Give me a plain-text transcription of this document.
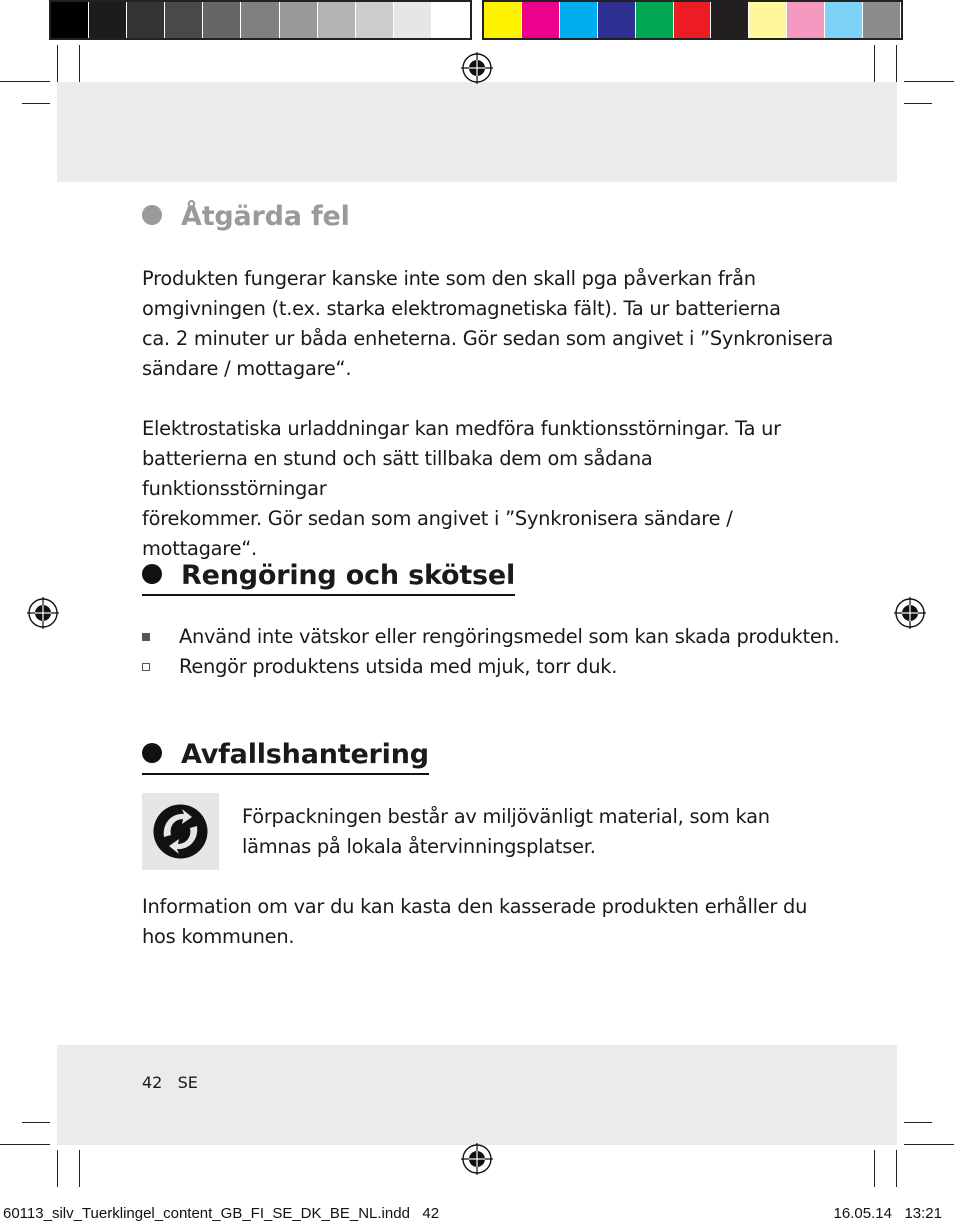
Åtgärda fel

Produkten fungerar kanske inte som den skall pga påverkan från
omgivningen (t.ex. starka elektromagnetiska fält). Ta ur batterierna
ca. 2 minuter ur båda enheterna. Gör sedan som angivet i ”Synkronisera
sändare / mottagare“.

Elektrostatiska urladdningar kan medföra funktionsstörningar. Ta ur
batterierna en stund och sätt tillbaka dem om sådana funktionsstörningar
förekommer. Gör sedan som angivet i ”Synkronisera sändare / mottagare“.

Rengöring och skötsel
Använd inte vätskor eller rengöringsmedel som kan skada produkten.
Rengör produktens utsida med mjuk, torr duk.
Avfallshantering

Förpackningen består av miljövänligt material, som kan
lämnas på lokala återvinningsplatser.

Information om var du kan kasta den kasserade produkten erhåller du
hos kommunen.

42 SE
60113_silv_Tuerklingel_content_GB_FI_SE_DK_BE_NL.indd   42	16.05.14 13:21
